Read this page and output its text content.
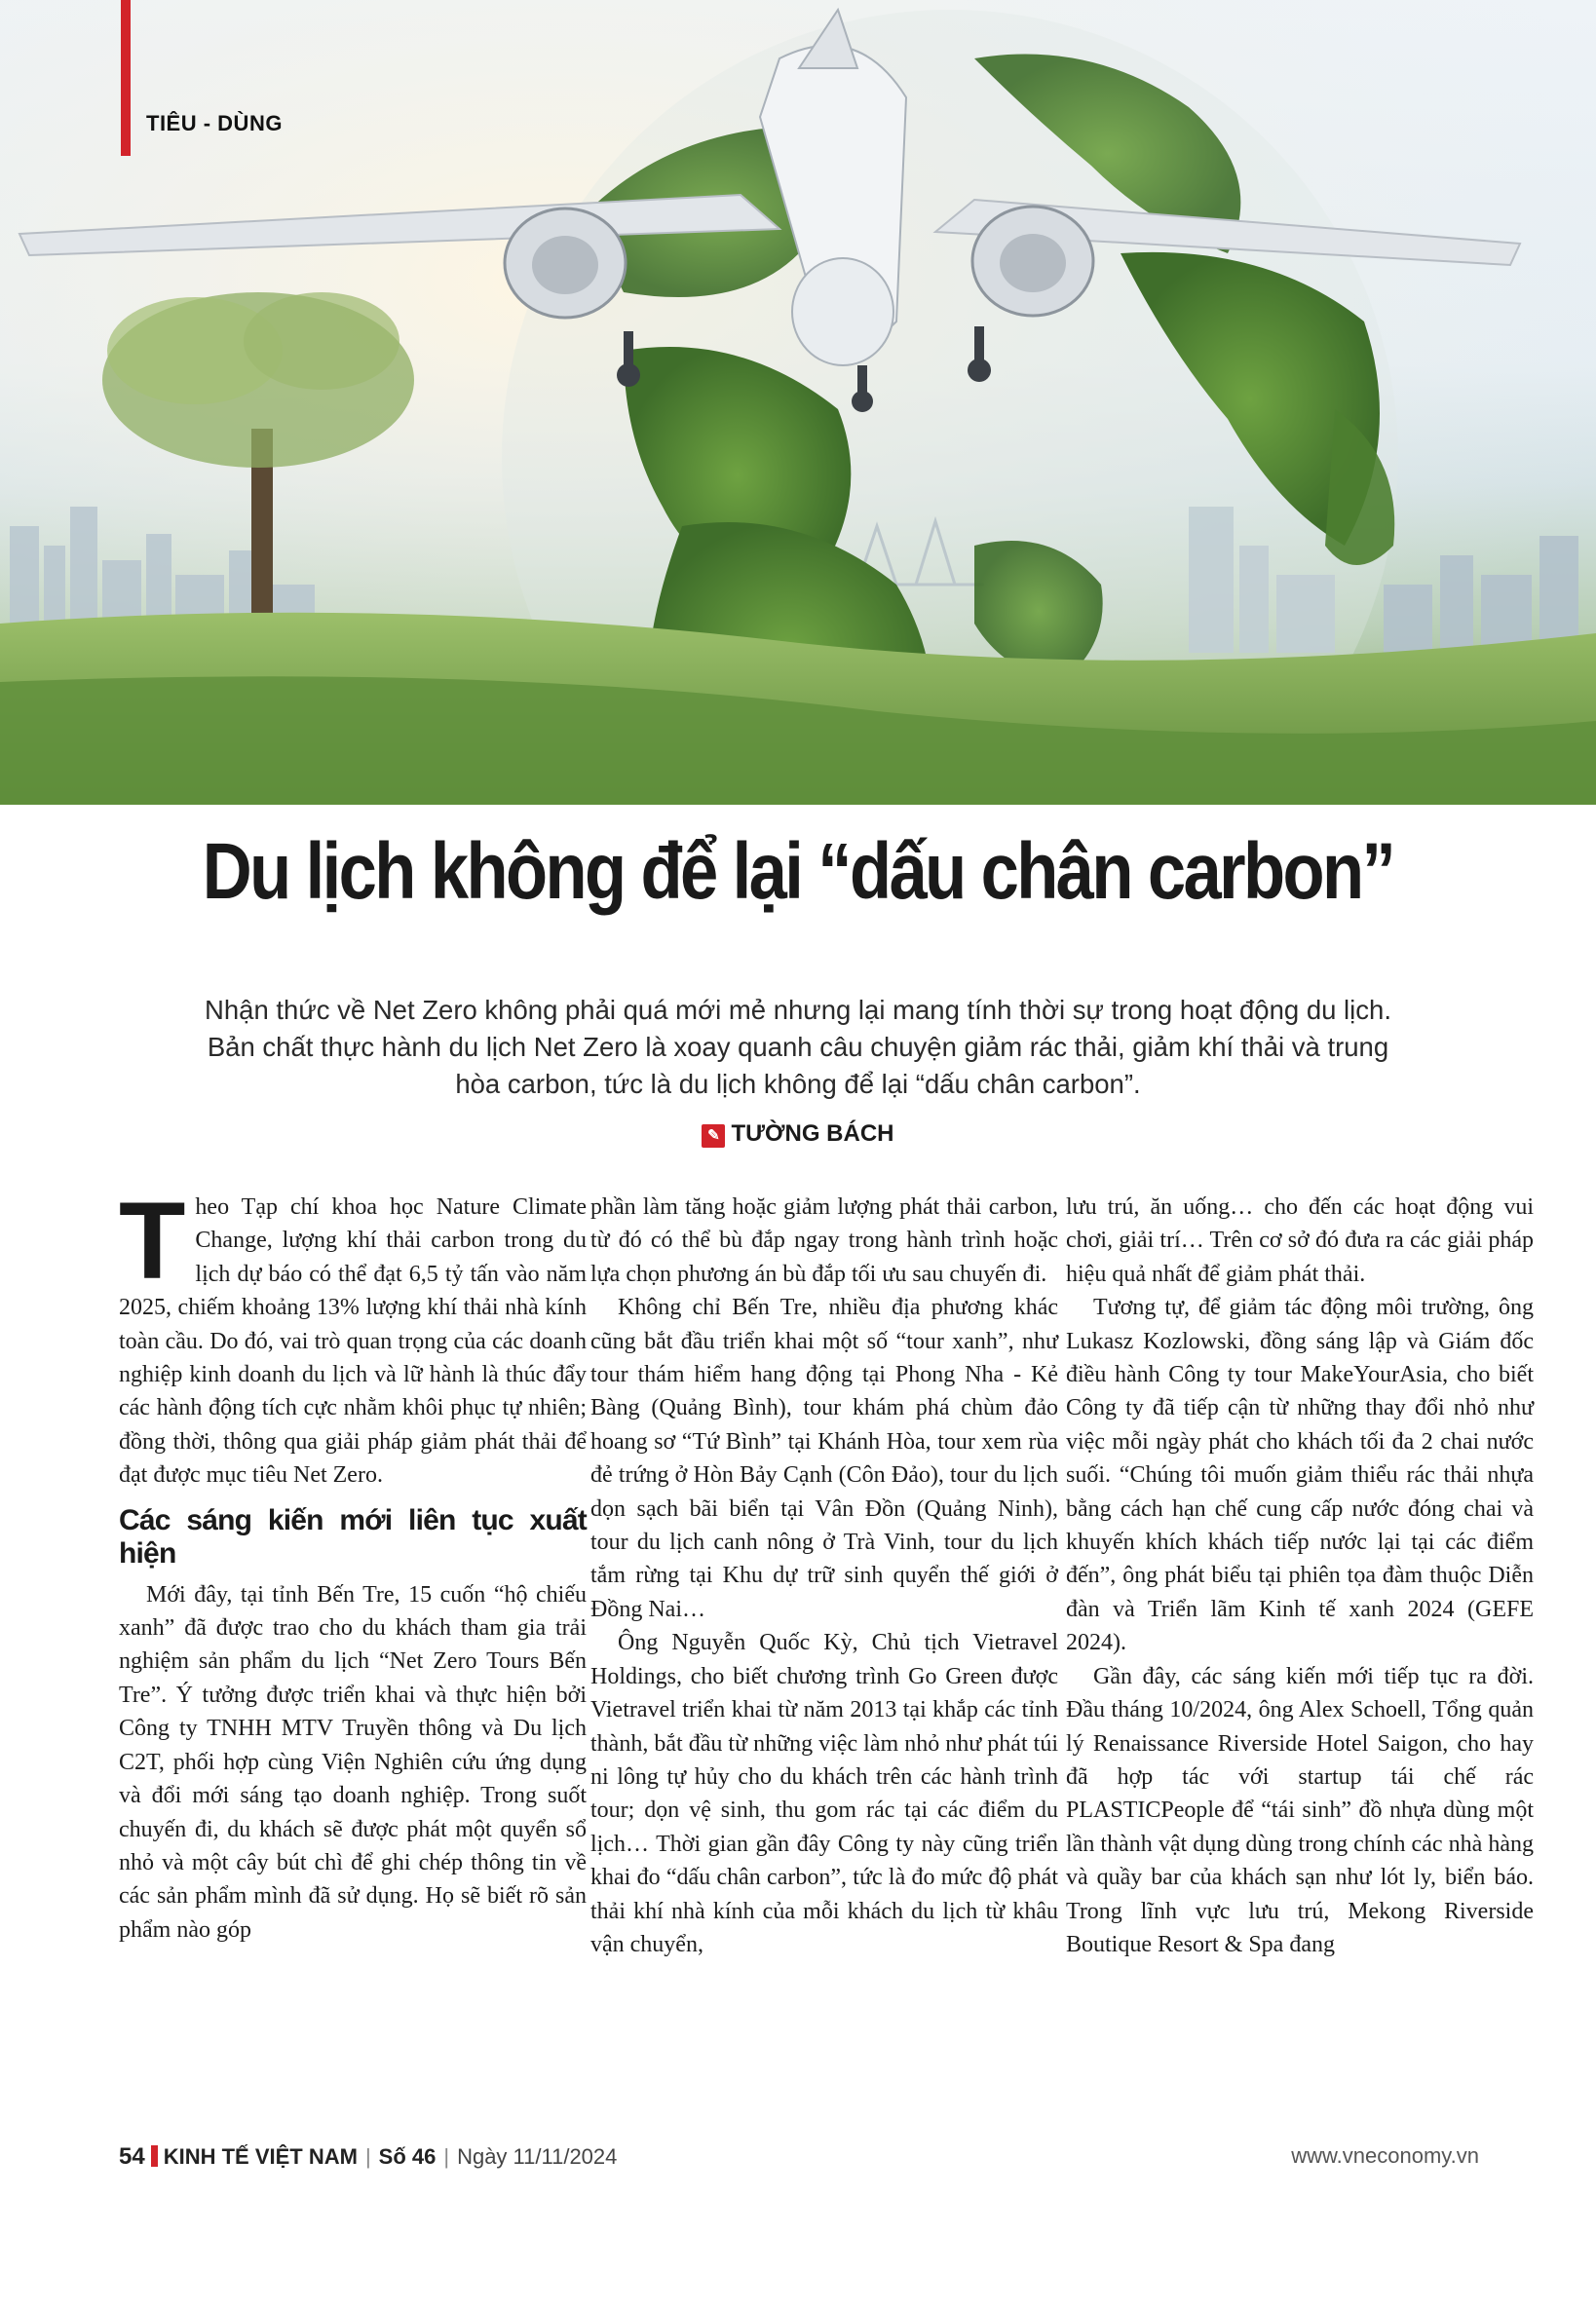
TIÊU - DÙNG
Du lịch không để lại “dấu chân carbon”

Nhận thức về Net Zero không phải quá mới mẻ nhưng lại mang tính thời sự trong hoạt động du lịch. Bản chất thực hành du lịch Net Zero là xoay quanh câu chuyện giảm rác thải, giảm khí thải và trung hòa carbon, tức là du lịch không để lại “dấu chân carbon”.

✎ TƯỜNG BÁCH

Theo Tạp chí khoa học Nature Climate Change, lượng khí thải carbon trong du lịch dự báo có thể đạt 6,5 tỷ tấn vào năm 2025, chiếm khoảng 13% lượng khí thải nhà kính toàn cầu. Do đó, vai trò quan trọng của các doanh nghiệp kinh doanh du lịch và lữ hành là thúc đẩy các hành động tích cực nhằm khôi phục tự nhiên; đồng thời, thông qua giải pháp giảm phát thải để đạt được mục tiêu Net Zero.

Các sáng kiến mới liên tục xuất hiện

Mới đây, tại tỉnh Bến Tre, 15 cuốn “hộ chiếu xanh” đã được trao cho du khách tham gia trải nghiệm sản phẩm du lịch “Net Zero Tours Bến Tre”. Ý tưởng được triển khai và thực hiện bởi Công ty TNHH MTV Truyền thông và Du lịch C2T, phối hợp cùng Viện Nghiên cứu ứng dụng và đổi mới sáng tạo doanh nghiệp. Trong suốt chuyến đi, du khách sẽ được phát một quyển sổ nhỏ và một cây bút chì để ghi chép thông tin về các sản phẩm mình đã sử dụng. Họ sẽ biết rõ sản phẩm nào góp

phần làm tăng hoặc giảm lượng phát thải carbon, từ đó có thể bù đắp ngay trong hành trình hoặc lựa chọn phương án bù đắp tối ưu sau chuyến đi.

Không chỉ Bến Tre, nhiều địa phương khác cũng bắt đầu triển khai một số “tour xanh”, như tour thám hiểm hang động tại Phong Nha - Kẻ Bàng (Quảng Bình), tour khám phá chùm đảo hoang sơ “Tứ Bình” tại Khánh Hòa, tour xem rùa đẻ trứng ở Hòn Bảy Cạnh (Côn Đảo), tour du lịch dọn sạch bãi biển tại Vân Đồn (Quảng Ninh), tour du lịch canh nông ở Trà Vinh, tour du lịch tắm rừng tại Khu dự trữ sinh quyển thế giới ở Đồng Nai…

Ông Nguyễn Quốc Kỳ, Chủ tịch Vietravel Holdings, cho biết chương trình Go Green được Vietravel triển khai từ năm 2013 tại khắp các tỉnh thành, bắt đầu từ những việc làm nhỏ như phát túi ni lông tự hủy cho du khách trên các hành trình tour; dọn vệ sinh, thu gom rác tại các điểm du lịch… Thời gian gần đây Công ty này cũng triển khai đo “dấu chân carbon”, tức là đo mức độ phát thải khí nhà kính của mỗi khách du lịch từ khâu vận chuyển,

lưu trú, ăn uống… cho đến các hoạt động vui chơi, giải trí… Trên cơ sở đó đưa ra các giải pháp hiệu quả nhất để giảm phát thải.

Tương tự, để giảm tác động môi trường, ông Lukasz Kozlowski, đồng sáng lập và Giám đốc điều hành Công ty tour MakeYourAsia, cho biết Công ty đã tiếp cận từ những thay đổi nhỏ như việc mỗi ngày phát cho khách tối đa 2 chai nước suối. “Chúng tôi muốn giảm thiểu rác thải nhựa bằng cách hạn chế cung cấp nước đóng chai và khuyến khích khách tiếp nước lại tại các điểm đến”, ông phát biểu tại phiên tọa đàm thuộc Diễn đàn và Triển lãm Kinh tế xanh 2024 (GEFE 2024).

Gần đây, các sáng kiến mới tiếp tục ra đời. Đầu tháng 10/2024, ông Alex Schoell, Tổng quản lý Renaissance Riverside Hotel Saigon, cho hay đã hợp tác với startup tái chế rác PLASTICPeople để “tái sinh” đồ nhựa dùng một lần thành vật dụng dùng trong chính các nhà hàng và quầy bar của khách sạn như lót ly, biển báo. Trong lĩnh vực lưu trú, Mekong Riverside Boutique Resort & Spa đang

54 KINH TẾ VIỆT NAM | Số 46 | Ngày 11/11/2024	www.vneconomy.vn
